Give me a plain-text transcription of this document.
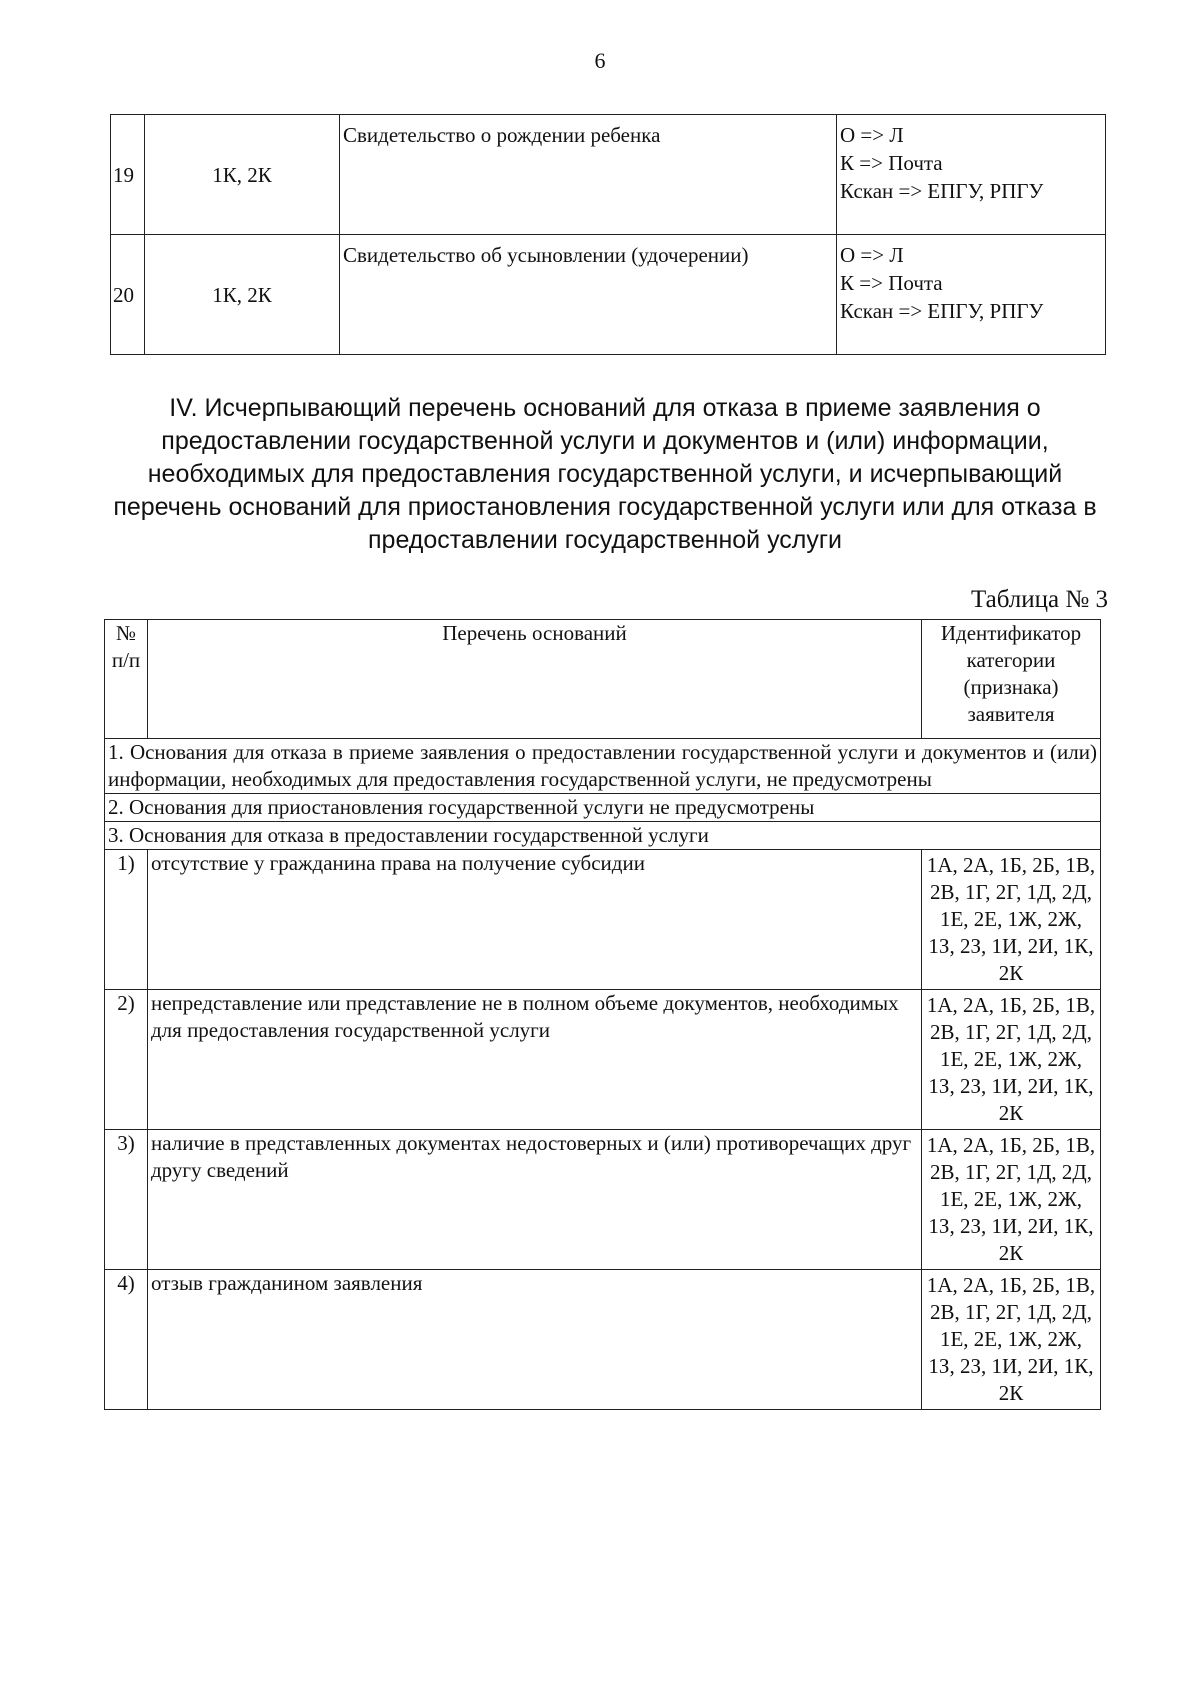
6
19	1К, 2К	Свидетельство о рождении ребенка	О => Л
К => Почта
Кскан => ЕПГУ, РПГУ

20	1К, 2К	Свидетельство об усыновлении (удочерении)	О => Л
К => Почта
Кскан => ЕПГУ, РПГУ
IV. Исчерпывающий перечень оснований для отказа в приеме заявления о предоставлении государственной услуги и документов и (или) информации, необходимых для предоставления государственной услуги, и исчерпывающий перечень оснований для приостановления государственной услуги или для отказа в предоставлении государственной услуги
Таблица № 3
№ п/п	Перечень оснований	Идентификатор категории (признака) заявителя
1. Основания для отказа в приеме заявления о предоставлении государственной услуги и документов и (или) информации, необходимых для предоставления государственной услуги, не предусмотрены		
2. Основания для приостановления государственной услуги не предусмотрены		
3. Основания для отказа в предоставлении государственной услуги		
1)	отсутствие у гражданина права на получение субсидии	1А, 2А, 1Б, 2Б, 1В, 2В, 1Г, 2Г, 1Д, 2Д, 1Е, 2Е, 1Ж, 2Ж, 1З, 2З, 1И, 2И, 1К, 2К
2)	непредставление или представление не в полном объеме документов, необходимых для предоставления государственной услуги	1А, 2А, 1Б, 2Б, 1В, 2В, 1Г, 2Г, 1Д, 2Д, 1Е, 2Е, 1Ж, 2Ж, 1З, 2З, 1И, 2И, 1К, 2К
3)	наличие в представленных документах недостоверных и (или) противоречащих друг другу сведений	1А, 2А, 1Б, 2Б, 1В, 2В, 1Г, 2Г, 1Д, 2Д, 1Е, 2Е, 1Ж, 2Ж, 1З, 2З, 1И, 2И, 1К, 2К
4)	отзыв гражданином заявления	1А, 2А, 1Б, 2Б, 1В, 2В, 1Г, 2Г, 1Д, 2Д, 1Е, 2Е, 1Ж, 2Ж, 1З, 2З, 1И, 2И, 1К, 2К
